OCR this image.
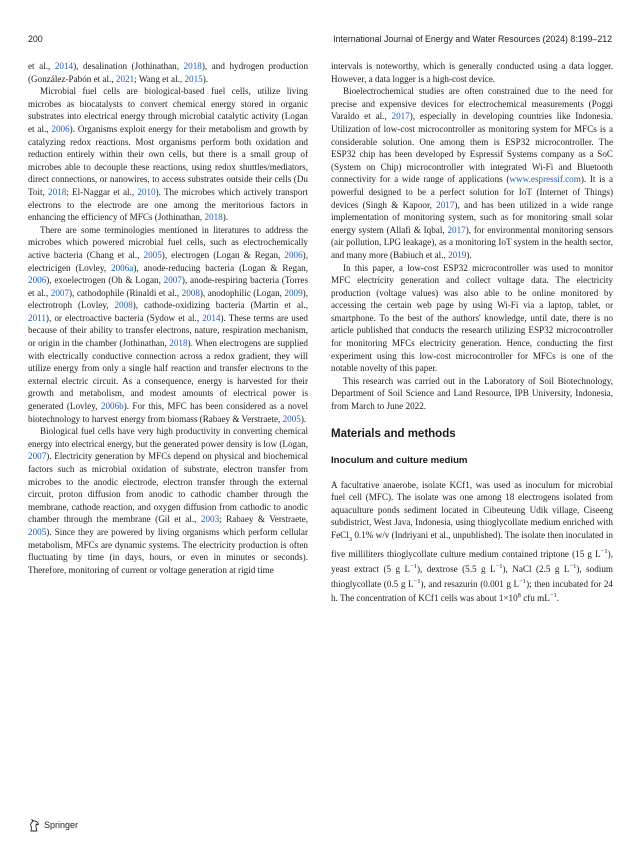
200	International Journal of Energy and Water Resources (2024) 8:199–212

et al., 2014), desalination (Jothinathan, 2018), and hydrogen production (González-Pabón et al., 2021; Wang et al., 2015).

Microbial fuel cells are biological-based fuel cells, utilize living microbes as biocatalysts to convert chemical energy stored in organic substrates into electrical energy through microbial catalytic activity (Logan et al., 2006). Organisms exploit energy for their metabolism and growth by catalyzing redox reactions. Most organisms perform both oxidation and reduction entirely within their own cells, but there is a small group of microbes able to decouple these reactions, using redox shuttles/mediators, direct connections, or nanowires, to access substrates outside their cells (Du Toit, 2018; El-Naggar et al., 2010). The microbes which actively transport electrons to the electrode are one among the meritorious factors in enhancing the efficiency of MFCs (Jothinathan, 2018).

There are some terminologies mentioned in literatures to address the microbes which powered microbial fuel cells, such as electrochemically active bacteria (Chang et al., 2005), electrogen (Logan & Regan, 2006), electricigen (Lovley, 2006a), anode-reducing bacteria (Logan & Regan, 2006), exoelectrogen (Oh & Logan, 2007), anode-respiring bacteria (Torres et al., 2007), cathodophile (Rinaldi et al., 2008), anodophilic (Logan, 2009), electrotroph (Lovley, 2008), cathode-oxidizing bacteria (Martin et al., 2011), or electroactive bacteria (Sydow et al., 2014). These terms are used because of their ability to transfer electrons, nature, respiration mechanism, or origin in the chamber (Jothinathan, 2018). When electrogens are supplied with electrically conductive connection across a redox gradient, they will utilize energy from only a single half reaction and transfer electrons to the external electric circuit. As a consequence, energy is harvested for their growth and metabolism, and modest amounts of electrical power is generated (Lovley, 2006b). For this, MFC has been considered as a novel biotechnology to harvest energy from biomass (Rabaey & Verstraete, 2005).

Biological fuel cells have very high productivity in converting chemical energy into electrical energy, but the generated power density is low (Logan, 2007). Electricity generation by MFCs depend on physical and biochemical factors such as microbial oxidation of substrate, electron transfer from microbes to the anodic electrode, electron transfer through the external circuit, proton diffusion from anodic to cathodic chamber through the membrane, cathode reaction, and oxygen diffusion from cathodic to anodic chamber through the membrane (Gil et al., 2003; Rabaey & Verstraete, 2005). Since they are powered by living organisms which perform cellular metabolism, MFCs are dynamic systems. The electricity production is often fluctuating by time (in days, hours, or even in minutes or seconds). Therefore, monitoring of current or voltage generation at rigid time

intervals is noteworthy, which is generally conducted using a data logger. However, a data logger is a high-cost device.

Bioelectrochemical studies are often constrained due to the need for precise and expensive devices for electrochemical measurements (Poggi Varaldo et al., 2017), especially in developing countries like Indonesia. Utilization of low-cost microcontroller as monitoring system for MFCs is a considerable solution. One among them is ESP32 microcontroller. The ESP32 chip has been developed by Espressif Systems company as a SoC (System on Chip) microcontroller with integrated Wi-Fi and Bluetooth connectivity for a wide range of applications (www.espressif.com). It is a powerful designed to be a perfect solution for IoT (Internet of Things) devices (Singh & Kapoor, 2017), and has been utilized in a wide range implementation of monitoring system, such as for monitoring small solar energy system (Allafi & Iqbal, 2017), for environmental monitoring sensors (air pollution, LPG leakage), as a monitoring IoT system in the health sector, and many more (Babiuch et al., 2019).

In this paper, a low-cost ESP32 microcontroller was used to monitor MFC electricity generation and collect voltage data. The electricity production (voltage values) was also able to be online monitored by accessing the certain web page by using Wi-Fi via a laptop, tablet, or smartphone. To the best of the authors' knowledge, until date, there is no article published that conducts the research utilizing ESP32 microcontroller for monitoring MFCs electricity generation. Hence, conducting the first experiment using this low-cost microcontroller for MFCs is one of the notable novelty of this paper.

This research was carried out in the Laboratory of Soil Biotechnology, Department of Soil Science and Land Resource, IPB University, Indonesia, from March to June 2022.

Materials and methods
Inoculum and culture medium

A facultative anaerobe, isolate KCf1, was used as inoculum for microbial fuel cell (MFC). The isolate was one among 18 electrogens isolated from aquaculture ponds sediment located in Cibeuteung Udik village, Ciseeng subdistrict, West Java, Indonesia, using thioglycollate medium enriched with FeCl$_3$ 0.1% w/v (Indriyani et al., unpublished). The isolate then inoculated in five milliliters thioglycollate culture medium contained triptone (15 g $L^{-1}$), yeast extract (5 g $L^{-1}$), dextrose (5.5 g $L^{-1}$), NaCl (2.5 g $L^{-1}$), sodium thioglycollate (0.5 g $L^{-1}$), and resazurin (0.001 g $L^{-1}$); then incubated for 24 h. The concentration of KCf1 cells was about $1\times 10^8$ cfu $mL^{-1}$.

Springer
